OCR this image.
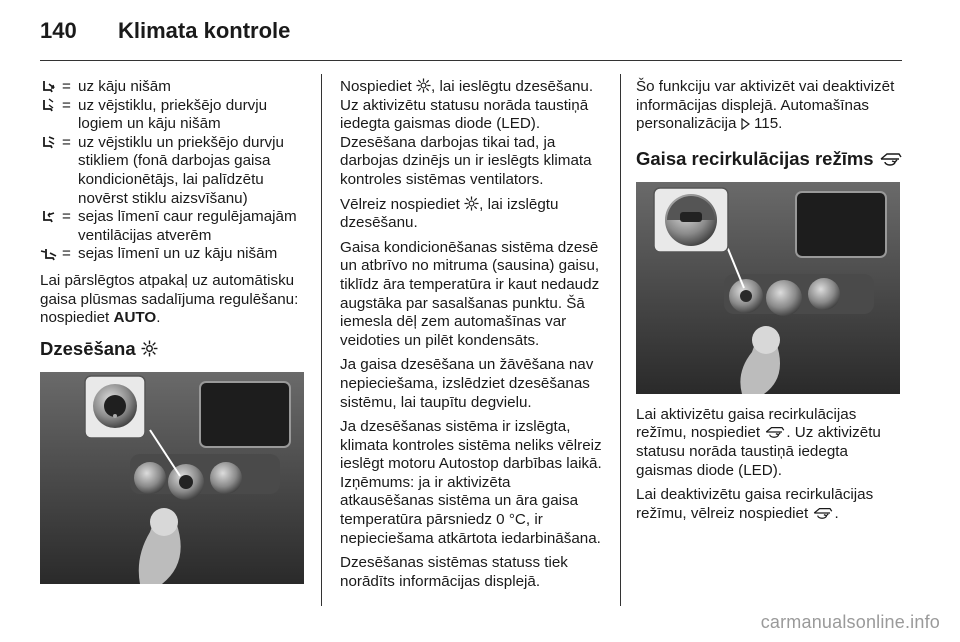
140 Klimata kontrole
= uz kāju nišām
= uz vējstiklu, priekšējo durvju logiem un kāju nišām
= uz vējstiklu un priekšējo durvju stikliem (fonā darbojas gaisa kondicionētājs, lai palīdzētu novērst stiklu aizsvīšanu)
= sejas līmenī caur regulējamajām ventilācijas atverēm
= sejas līmenī un uz kāju nišām

Lai pārslēgtos atpakaļ uz automātisku gaisa plūsmas sadalījuma regulēšanu: nospiediet AUTO.

Dzesēšana

Nospiediet , lai ieslēgtu dzesēšanu. Uz aktivizētu statusu norāda taustiņā iedegta gaismas diode (LED). Dzesēšana darbojas tikai tad, ja darbojas dzinējs un ir ieslēgts klimata kontroles sistēmas ventilators.

Vēlreiz nospiediet , lai izslēgtu dzesēšanu.

Gaisa kondicionēšanas sistēma dzesē un atbrīvo no mitruma (sausina) gaisu, tiklīdz āra temperatūra ir kaut nedaudz augstāka par sasalšanas punktu. Šā iemesla dēļ zem automašīnas var veidoties un pilēt kondensāts.

Ja gaisa dzesēšana un žāvēšana nav nepieciešama, izslēdziet dzesēšanas sistēmu, lai taupītu degvielu.

Ja dzesēšanas sistēma ir izslēgta, klimata kontroles sistēma neliks vēlreiz ieslēgt motoru Autostop darbības laikā. Izņēmums: ja ir aktivizēta atkausēšanas sistēma un āra gaisa temperatūra pārsniedz 0 °C, ir nepieciešama atkārtota iedarbināšana.

Dzesēšanas sistēmas statuss tiek norādīts informācijas displejā.

Šo funkciju var aktivizēt vai deaktivizēt informācijas displejā. Automašīnas personalizācija 115.

Gaisa recirkulācijas režīms

Lai aktivizētu gaisa recirkulācijas režīmu, nospiediet . Uz aktivizētu statusu norāda taustiņā iedegta gaismas diode (LED).

Lai deaktivizētu gaisa recirkulācijas režīmu, vēlreiz nospiediet .

carmanualsonline.info
